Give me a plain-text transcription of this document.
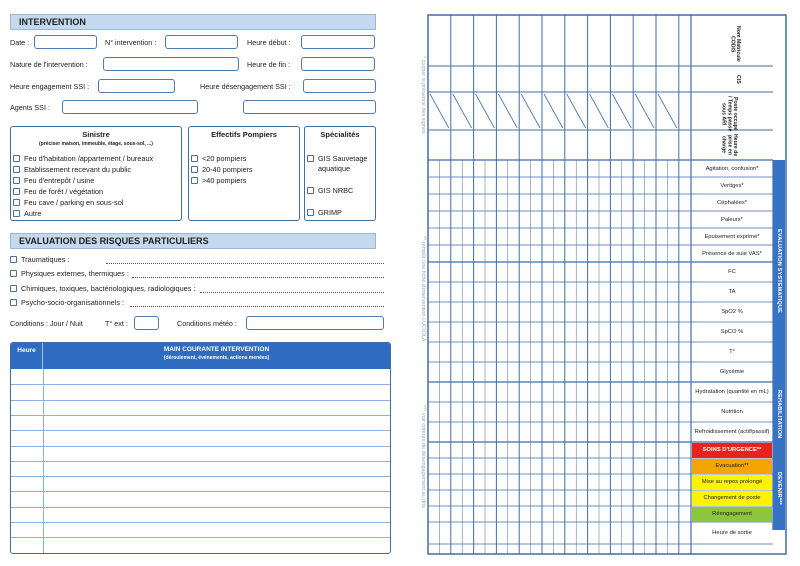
INTERVENTION
Date :	N° intervention :	Heure début :
Nature de l'intervention :	Heure de fin :
Heure engagement SSI :	Heure désengagement SSI :
Agents SSI :
Sinistre
(préciser maison, immeuble, étage, sous-sol, ...)
Feu d'habitation /appartement / bureaux
Etablissement recevant du public
Feu d'entrepôt / usine
Feu de forêt / végétation
Feu cave / parking en sous-sol
Autre
Effectifs Pompiers
<20 pompiers
20-40 pompiers
>40 pompiers
Spécialités
GIS Sauvetage aquatique
GIS NRBC
GRIMP
EVALUATION DES RISQUES PARTICULIERS
Traumatiques :
Physiques externes, thermiques :
Chimiques, toxiques, bactériologiques, radiologiques :
Psycho-socio-organisationnels :
Conditions : Jour / Nuit	T° ext :	Conditions météo :
Heure	MAIN COURANTE INTERVENTION
(déroulement, événements, actions menées)
* cocher si présence des signes
** remplir une fiche d'intervention LUCIOLA
*** voir critères de désengagement au dos
Agitation, confusion*
Vertiges*
Céphalées*
Paleurs*
Epuisement exprimé*
Présence de suie VAS*
FC
TA
SpO2 %
SpCO %
T°
Glycémie
Hydratation (quantité en mL)
Nutrition
Refroidissement (actif/passif)
SOINS D'URGENCE**
Evacuation**
Mise au repos prolongé
Changement de poste
Réengagement
Heure de sortie
Nom Matricule CODIS
CIS
Poste occupé / Temps passé sous ARI
Heure de prise en charge
EVALUATION SYSTEMATIQUE
REHABILITATION
DEVENIR***
